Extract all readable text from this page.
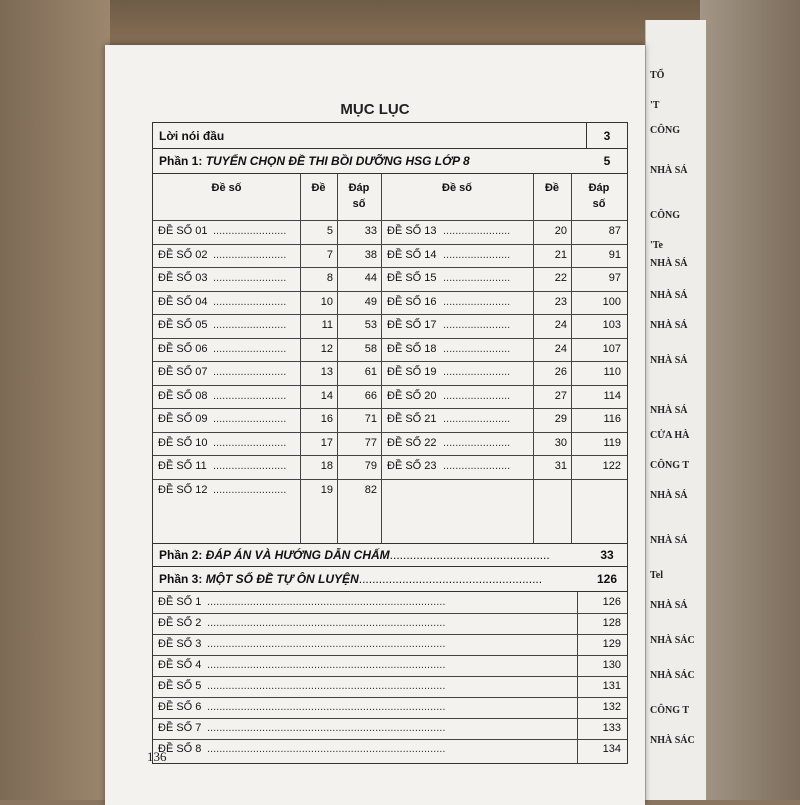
TỔ
'T
CÔNG
NHÀ SÁ
CÔNG
'Te
NHÀ SÁ
NHÀ SÁ
NHÀ SÁ
NHÀ SÁ
NHÀ SÁ
CỬA HÀ
CÔNG T
NHÀ SÁ
NHÀ SÁ
Tel
NHÀ SÁ
NHÀ SÁC
NHÀ SÁC
CÔNG T
NHÀ SÁC
MỤC LỤC
Lời nói đầu	3
Phần 1: TUYỂN CHỌN ĐỀ THI BỒI DƯỠNG HSG LỚP 8	5
Đề số	Đề	Đáp
số
Đề số	Đề	Đáp
số
ĐỀ SỐ 01 ........................	5	33 ĐỀ SỐ 13 ......................	20	87
ĐỀ SỐ 02 ........................	7	38 ĐỀ SỐ 14 ......................	21	91
ĐỀ SỐ 03 ........................	8	44 ĐỀ SỐ 15 ......................	22	97
ĐỀ SỐ 04 ........................	10	49 ĐỀ SỐ 16 ......................	23	100
ĐỀ SỐ 05 ........................	11	53 ĐỀ SỐ 17 ......................	24	103
ĐỀ SỐ 06 ........................	12	58 ĐỀ SỐ 18 ......................	24	107
ĐỀ SỐ 07 ........................	13	61 ĐỀ SỐ 19 ......................	26	110
ĐỀ SỐ 08 ........................	14	66 ĐỀ SỐ 20 ......................	27	114
ĐỀ SỐ 09 ........................	16	71 ĐỀ SỐ 21 ......................	29	116
ĐỀ SỐ 10 ........................	17	77 ĐỀ SỐ 22 ......................	30	119
ĐỀ SỐ 11 ........................	18	79 ĐỀ SỐ 23 ......................	31	122
ĐỀ SỐ 12 ........................	19	82
Phần 2: ĐÁP ÁN VÀ HƯỚNG DẪN CHẤM................................................	33
Phần 3: MỘT SỐ ĐỀ TỰ ÔN LUYỆN.......................................................	126
ĐỀ SỐ 1 ..............................................................................	126
ĐỀ SỐ 2 ..............................................................................	128
ĐỀ SỐ 3 ..............................................................................	129
ĐỀ SỐ 4 ..............................................................................	130
ĐỀ SỐ 5 ..............................................................................	131
ĐỀ SỐ 6 ..............................................................................	132
ĐỀ SỐ 7 ..............................................................................	133
ĐỀ SỐ 8 ..............................................................................	134
136
